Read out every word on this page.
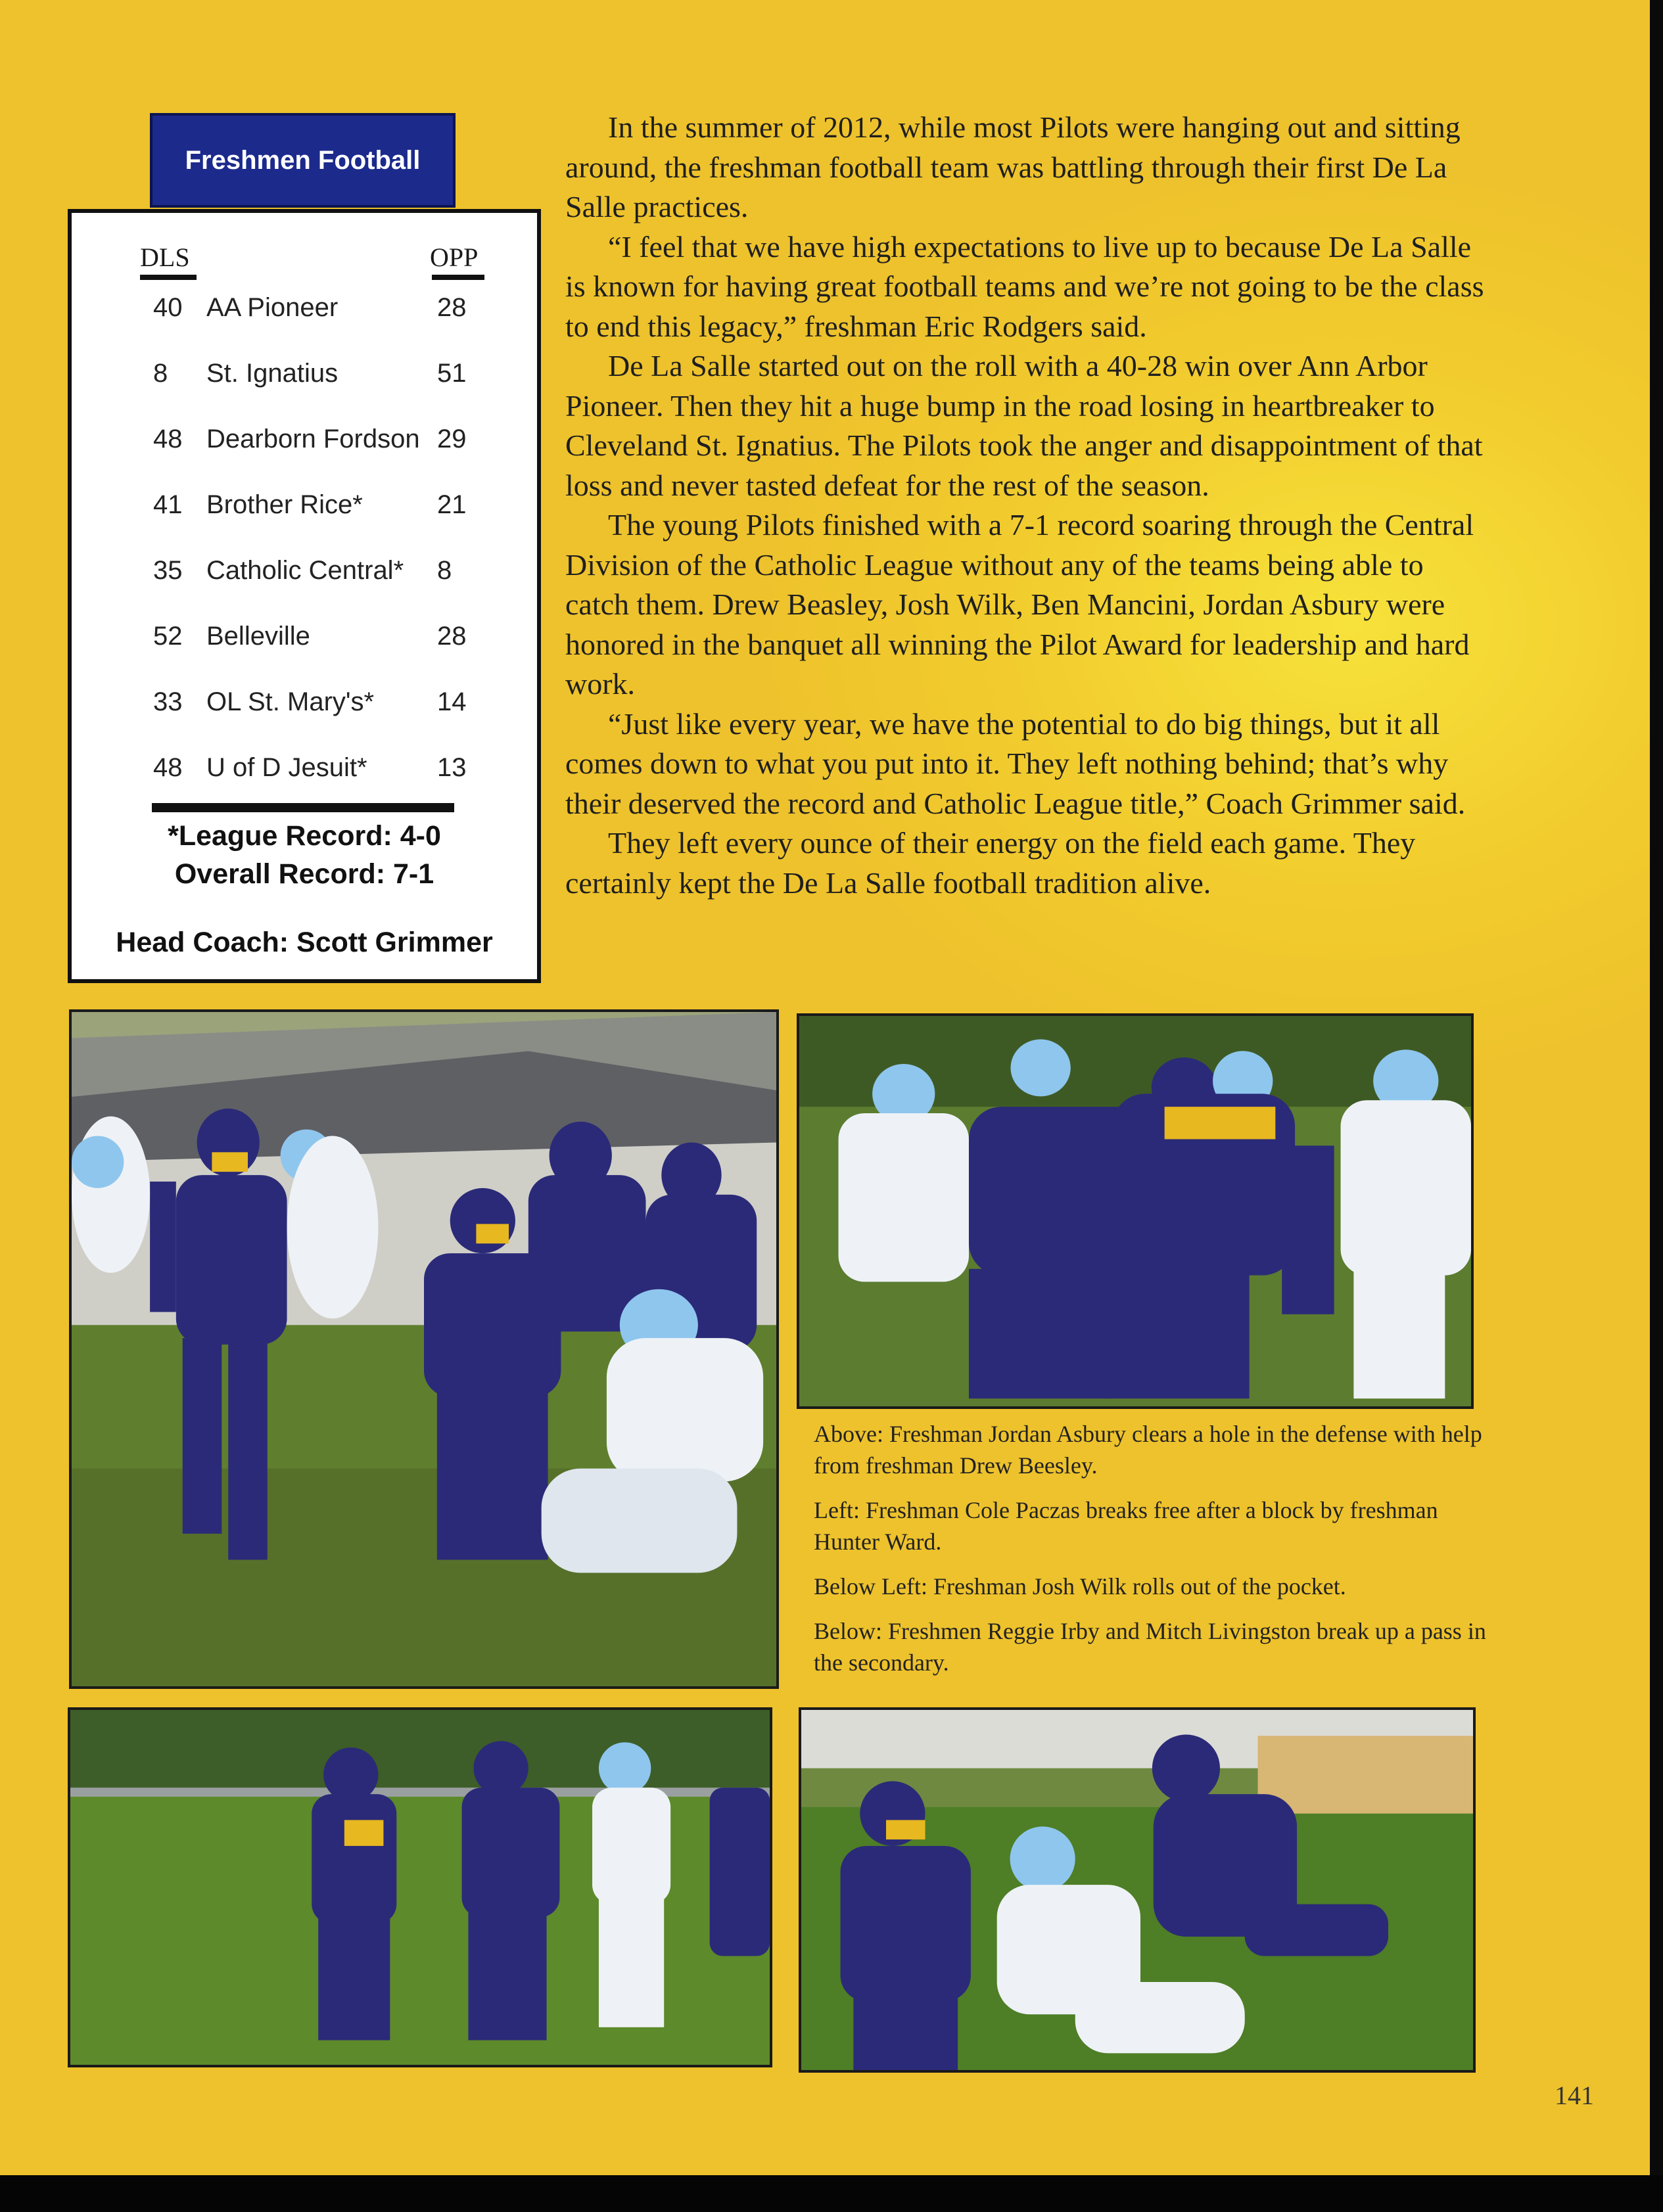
Freshmen Football
DLS	OPP
40 AA Pioneer	28
8 St. Ignatius	51
48 Dearborn Fordson 29
41 Brother Rice*	21
35 Catholic Central* 8
52 Belleville	28
33 OL St. Mary's* 14
48 U of D Jesuit*	13
*League Record: 4-0
Overall Record: 7-1
Head Coach: Scott Grimmer

In the summer of 2012, while most Pilots were hanging out and sitting around, the freshman football team was battling through their first De La Salle practices.

“I feel that we have high expectations to live up to because De La Salle is known for having great football teams and we’re not going to be the class to end this legacy,” freshman Eric Rodgers said.

De La Salle started out on the roll with a 40-28 win over Ann Arbor Pioneer. Then they hit a huge bump in the road losing in heartbreaker to Cleveland St. Ignatius. The Pilots took the anger and disappointment of that loss and never tasted defeat for the rest of the season.

The young Pilots finished with a 7-1 record soaring through the Central Division of the Catholic League without any of the teams being able to catch them. Drew Beasley, Josh Wilk, Ben Mancini, Jordan Asbury were honored in the banquet all winning the Pilot Award for leadership and hard work.

“Just like every year, we have the potential to do big things, but it all comes down to what you put into it. They left nothing behind; that’s why their deserved the record and Catholic League title,” Coach Grimmer said.

They left every ounce of their energy on the field each game. They certainly kept the De La Salle football tradition alive.

Above: Freshman Jordan Asbury clears a hole in the defense with help from freshman Drew Beesley.

Left: Freshman Cole Paczas breaks free after a block by freshman Hunter Ward.

Below Left: Freshman Josh Wilk rolls out of the pocket.

Below: Freshmen Reggie Irby and Mitch Livingston break up a pass in the secondary.

141
